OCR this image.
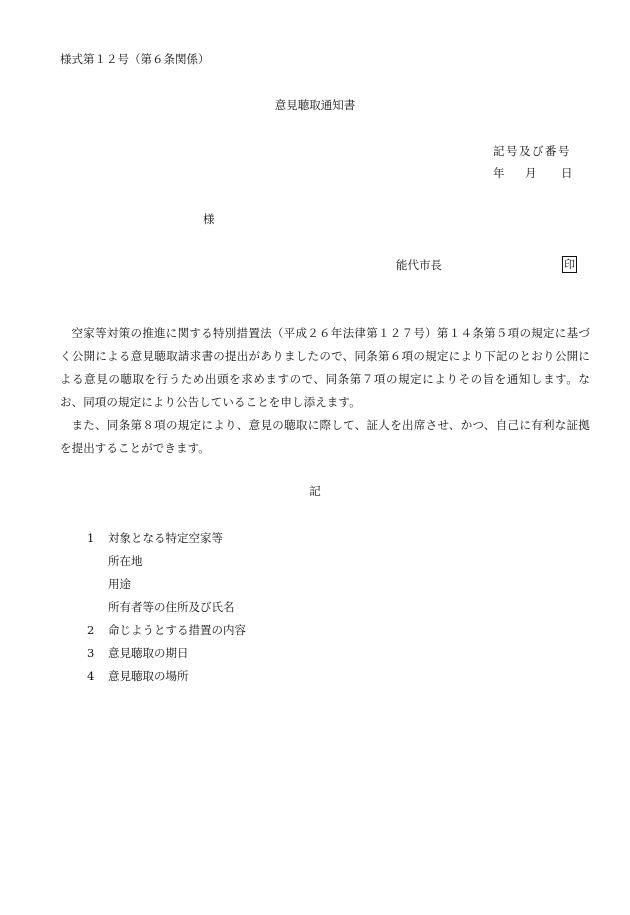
様式第１２号（第６条関係）
意見聴取通知書
記号及び番号
年 月 日
様
能代市長	印

空家等対策の推進に関する特別措置法（平成２６年法律第１２７号）第１４条第５項の規定に基づく公開による意見聴取請求書の提出がありましたので、同条第６項の規定により下記のとおり公開による意見の聴取を行うため出頭を求めますので、同条第７項の規定によりその旨を通知します。なお、同項の規定により公告していることを申し添えます。

また、同条第８項の規定により、意見の聴取に際して、証人を出席させ、かつ、自己に有利な証拠を提出することができます。

記
1	対象となる特定空家等
所在地
用途
所有者等の住所及び氏名
2	命じようとする措置の内容
3	意見聴取の期日
4	意見聴取の場所
